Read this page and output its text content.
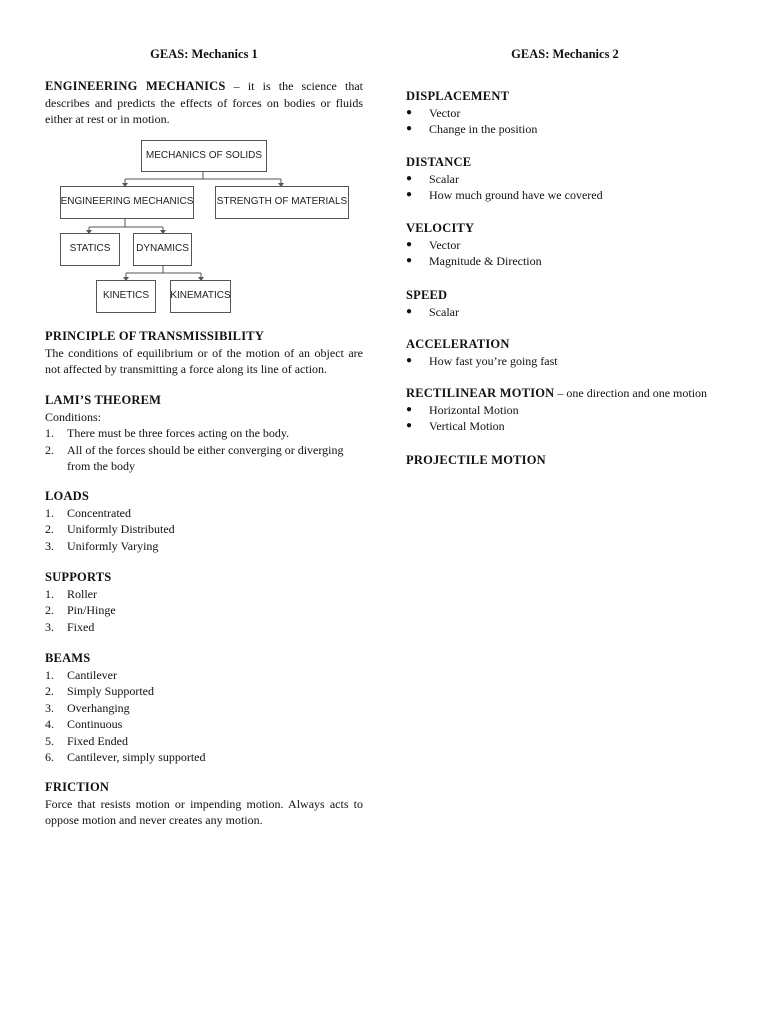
GEAS: Mechanics 1
ENGINEERING MECHANICS – it is the science that describes and predicts the effects of forces on bodies or fluids either at rest or in motion.
MECHANICS OF SOLIDS
ENGINEERING MECHANICS STRENGTH OF MATERIALS
STATICS	DYNAMICS
KINETICS	KINEMATICS
PRINCIPLE OF TRANSMISSIBILITY
The conditions of equilibrium or of the motion of an object are not affected by transmitting a force along its line of action.
LAMI’S THEOREM
Conditions:
1.	There must be three forces acting on the body.
2.	All of the forces should be either converging or diverging from the body
LOADS
1.	Concentrated
2.	Uniformly Distributed
3.	Uniformly Varying
SUPPORTS
1.	Roller
2.	Pin/Hinge
3.	Fixed
BEAMS
1.	Cantilever
2.	Simply Supported
3.	Overhanging
4.	Continuous
5.	Fixed Ended
6.	Cantilever, simply supported
FRICTION
Force that resists motion or impending motion. Always acts to oppose motion and never creates any motion.
GEAS: Mechanics 2
DISPLACEMENT
●	Vector
●	Change in the position
DISTANCE
●	Scalar
●	How much ground have we covered
VELOCITY
●	Vector
●	Magnitude & Direction
SPEED
●	Scalar
ACCELERATION
●	How fast you’re going fast
RECTILINEAR MOTION – one direction and one motion
●	Horizontal Motion
●	Vertical Motion
PROJECTILE MOTION
